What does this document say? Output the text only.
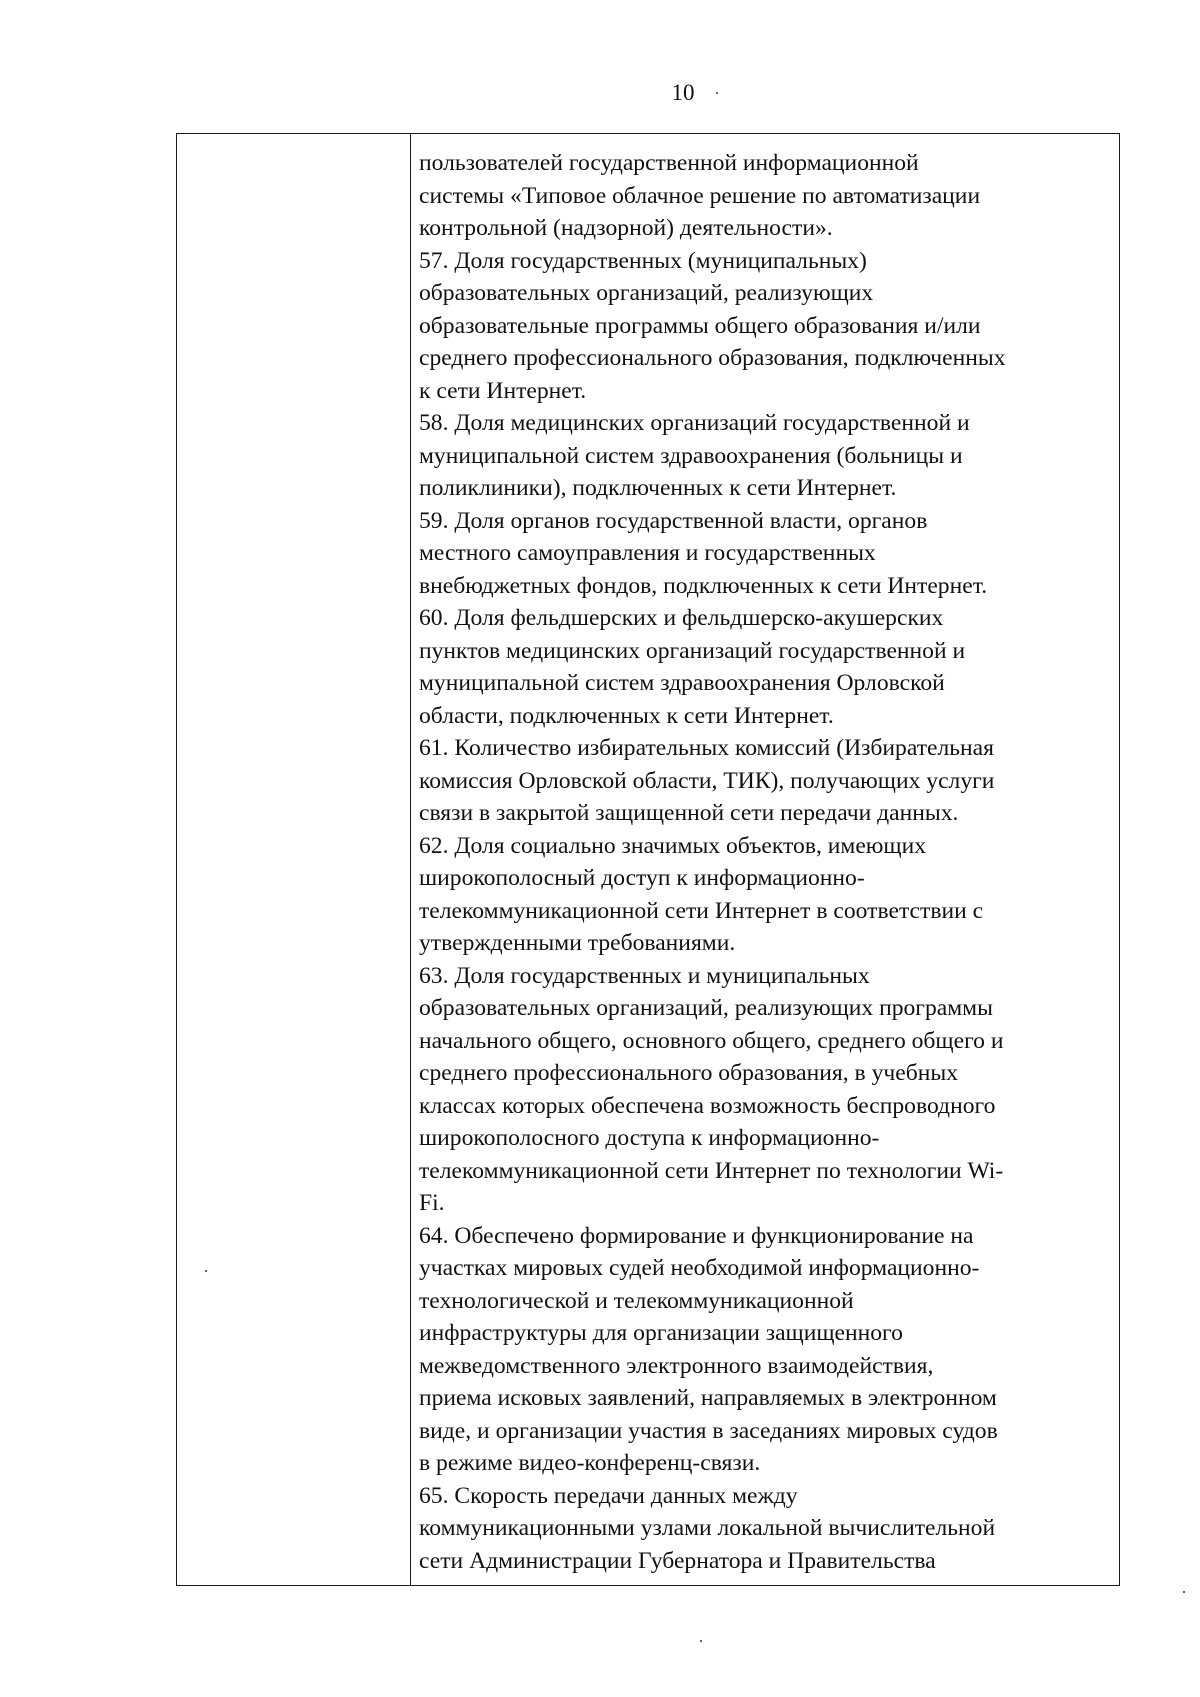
10
пользователей государственной информационной
системы «Типовое облачное решение по автоматизации
контрольной (надзорной) деятельности».
57. Доля государственных (муниципальных)
образовательных организаций, реализующих
образовательные программы общего образования и/или
среднего профессионального образования, подключенных
к сети Интернет.
58. Доля медицинских организаций государственной и
муниципальной систем здравоохранения (больницы и
поликлиники), подключенных к сети Интернет.
59. Доля органов государственной власти, органов
местного самоуправления и государственных
внебюджетных фондов, подключенных к сети Интернет.
60. Доля фельдшерских и фельдшерско-акушерских
пунктов медицинских организаций государственной и
муниципальной систем здравоохранения Орловской
области, подключенных к сети Интернет.
61. Количество избирательных комиссий (Избирательная
комиссия Орловской области, ТИК), получающих услуги
связи в закрытой защищенной сети передачи данных.
62. Доля социально значимых объектов, имеющих
широкополосный доступ к информационно-
телекоммуникационной сети Интернет в соответствии с
утвержденными требованиями.
63. Доля государственных и муниципальных
образовательных организаций, реализующих программы
начального общего, основного общего, среднего общего и
среднего профессионального образования, в учебных
классах которых обеспечена возможность беспроводного
широкополосного доступа к информационно-
телекоммуникационной сети Интернет по технологии Wi-
Fi.
64. Обеспечено формирование и функционирование на
участках мировых судей необходимой информационно-
технологической и телекоммуникационной
инфраструктуры для организации защищенного
межведомственного электронного взаимодействия,
приема исковых заявлений, направляемых в электронном
виде, и организации участия в заседаниях мировых судов
в режиме видео-конференц-связи.
65. Скорость передачи данных между
коммуникационными узлами локальной вычислительной
сети Администрации Губернатора и Правительства
